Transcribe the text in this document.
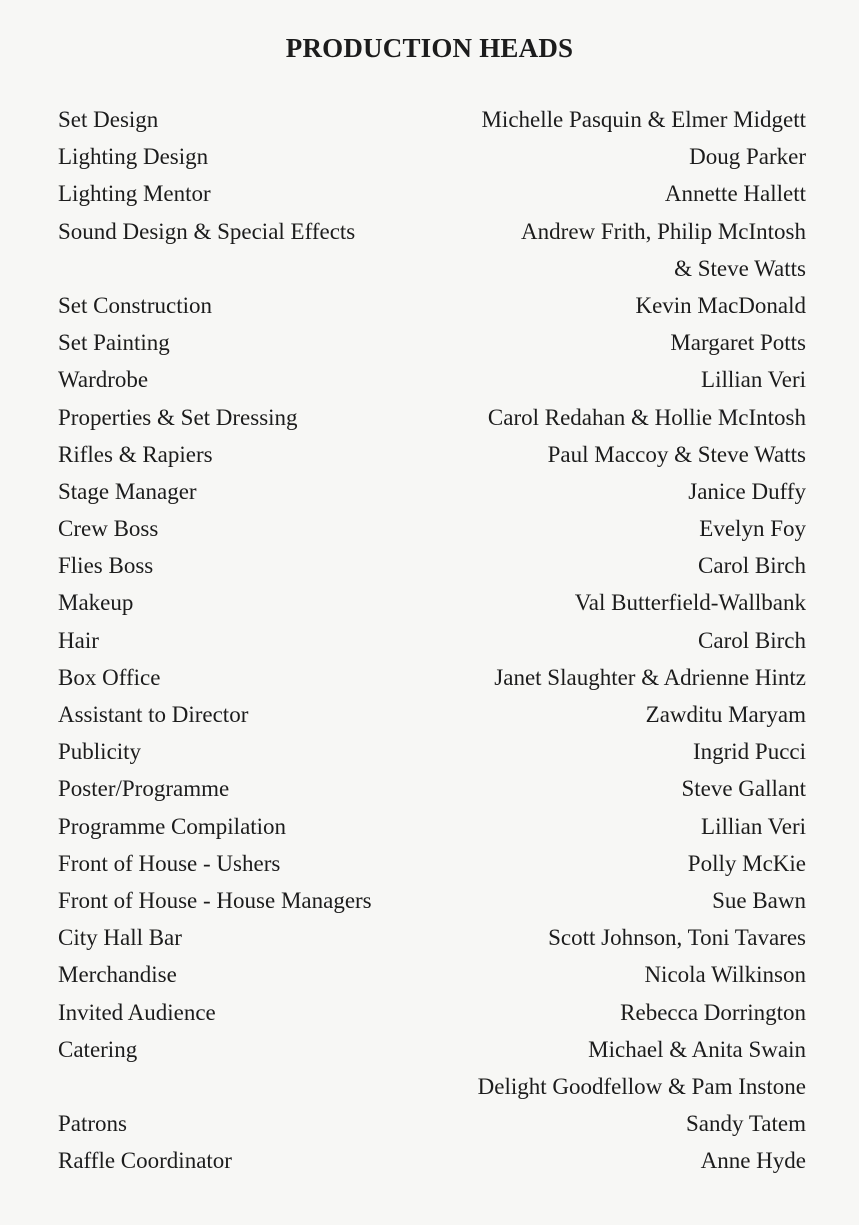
PRODUCTION HEADS
Set Design	Michelle Pasquin & Elmer Midgett
Lighting Design	Doug Parker
Lighting Mentor	Annette Hallett
Sound Design & Special Effects	Andrew Frith, Philip McIntosh
& Steve Watts
Set Construction	Kevin MacDonald
Set Painting	Margaret Potts
Wardrobe	Lillian Veri
Properties & Set Dressing	Carol Redahan & Hollie McIntosh
Rifles & Rapiers	Paul Maccoy & Steve Watts
Stage Manager	Janice Duffy
Crew Boss	Evelyn Foy
Flies Boss	Carol Birch
Makeup	Val Butterfield-Wallbank
Hair	Carol Birch
Box Office	Janet Slaughter & Adrienne Hintz
Assistant to Director	Zawditu Maryam
Publicity	Ingrid Pucci
Poster/Programme	Steve Gallant
Programme Compilation	Lillian Veri
Front of House - Ushers	Polly McKie
Front of House - House Managers	Sue Bawn
City Hall Bar	Scott Johnson, Toni Tavares
Merchandise	Nicola Wilkinson
Invited Audience	Rebecca Dorrington
Catering	Michael & Anita Swain
Delight Goodfellow & Pam Instone
Patrons	Sandy Tatem
Raffle Coordinator	Anne Hyde
